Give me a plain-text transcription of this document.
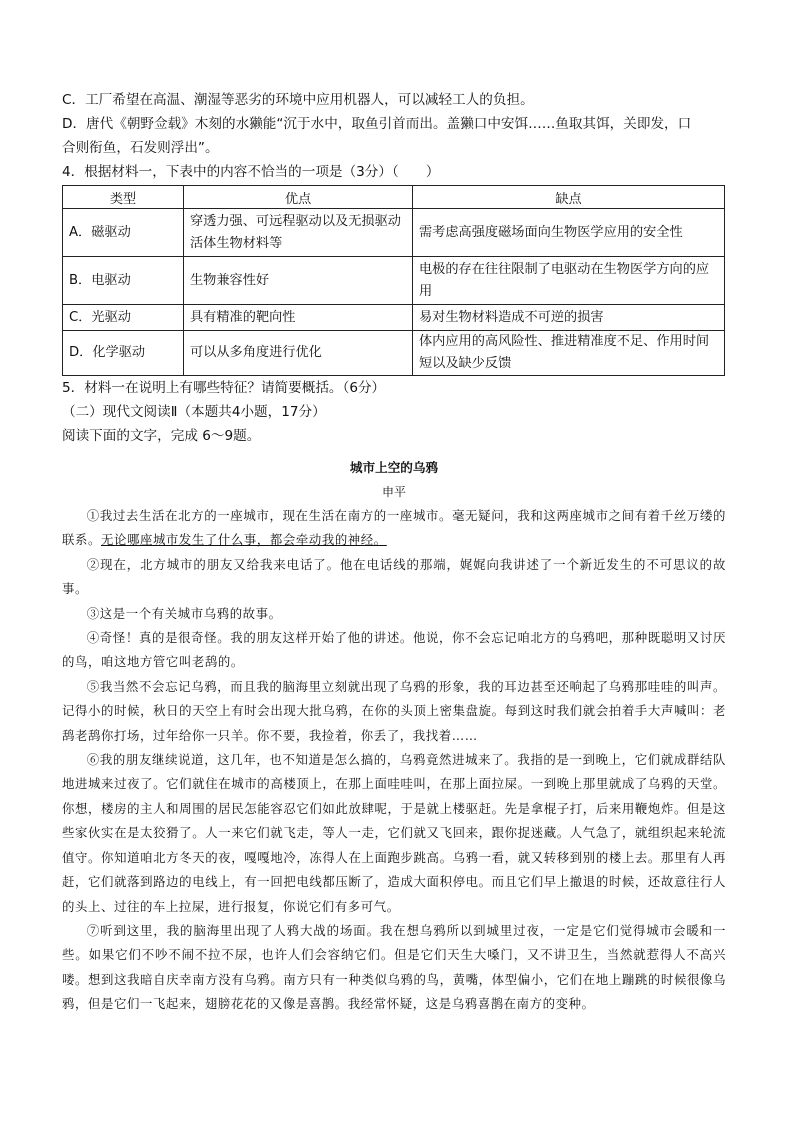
C．工厂希望在高温、潮湿等恶劣的环境中应用机器人，可以减轻工人的负担。
D．唐代《朝野佥载》木刻的水獭能“沉于水中，取鱼引首而出。盖獭口中安饵……鱼取其饵，关即发，口
合则衔鱼，石发则浮出”。
4．根据材料一，下表中的内容不恰当的一项是（3分）（　　）
类型	优点	缺点
A．磁驱动	穿透力强、可远程驱动以及无损驱动活体生物材料等	需考虑高强度磁场面向生物医学应用的安全性
B．电驱动	生物兼容性好	电极的存在往往限制了电驱动在生物医学方向的应用
C．光驱动	具有精准的靶向性	易对生物材料造成不可逆的损害
D．化学驱动	可以从多角度进行优化	体内应用的高风险性、推进精准度不足、作用时间短以及缺少反馈
5．材料一在说明上有哪些特征？请简要概括。（6分）
（二）现代文阅读Ⅱ（本题共4小题，17分）
阅读下面的文字，完成 6～9题。
城市上空的乌鸦
申平
①我过去生活在北方的一座城市，现在生活在南方的一座城市。毫无疑问，我和这两座城市之间有着千丝万缕的联系。无论哪座城市发生了什么事，都会牵动我的神经。
②现在，北方城市的朋友又给我来电话了。他在电话线的那端，娓娓向我讲述了一个新近发生的不可思议的故事。
③这是一个有关城市乌鸦的故事。
④奇怪！真的是很奇怪。我的朋友这样开始了他的讲述。他说，你不会忘记咱北方的乌鸦吧，那种既聪明又讨厌的鸟，咱这地方管它叫老鸹的。
⑤我当然不会忘记乌鸦，而且我的脑海里立刻就出现了乌鸦的形象，我的耳边甚至还响起了乌鸦那哇哇的叫声。记得小的时候，秋日的天空上有时会出现大批乌鸦，在你的头顶上密集盘旋。每到这时我们就会拍着手大声喊叫：老鸹老鸹你打场，过年给你一只羊。你不要，我捡着，你丢了，我找着……
⑥我的朋友继续说道，这几年，也不知道是怎么搞的，乌鸦竟然进城来了。我指的是一到晚上，它们就成群结队地进城来过夜了。它们就住在城市的高楼顶上，在那上面哇哇叫，在那上面拉屎。一到晚上那里就成了乌鸦的天堂。你想，楼房的主人和周围的居民怎能容忍它们如此放肆呢，于是就上楼驱赶。先是拿棍子打，后来用鞭炮炸。但是这些家伙实在是太狡猾了。人一来它们就飞走，等人一走，它们就又飞回来，跟你捉迷藏。人气急了，就组织起来轮流值守。你知道咱北方冬天的夜，嘎嘎地冷，冻得人在上面跑步跳高。乌鸦一看，就又转移到别的楼上去。那里有人再赶，它们就落到路边的电线上，有一回把电线都压断了，造成大面积停电。而且它们早上撤退的时候，还故意往行人的头上、过往的车上拉屎，进行报复，你说它们有多可气。
⑦听到这里，我的脑海里出现了人鸦大战的场面。我在想乌鸦所以到城里过夜，一定是它们觉得城市会暖和一些。如果它们不吵不闹不拉不尿，也许人们会容纳它们。但是它们天生大嗓门，又不讲卫生，当然就惹得人不高兴喽。想到这我暗自庆幸南方没有乌鸦。南方只有一种类似乌鸦的鸟，黄嘴，体型偏小，它们在地上蹦跳的时候很像乌鸦，但是它们一飞起来，翅膀花花的又像是喜鹊。我经常怀疑，这是乌鸦喜鹊在南方的变种。
